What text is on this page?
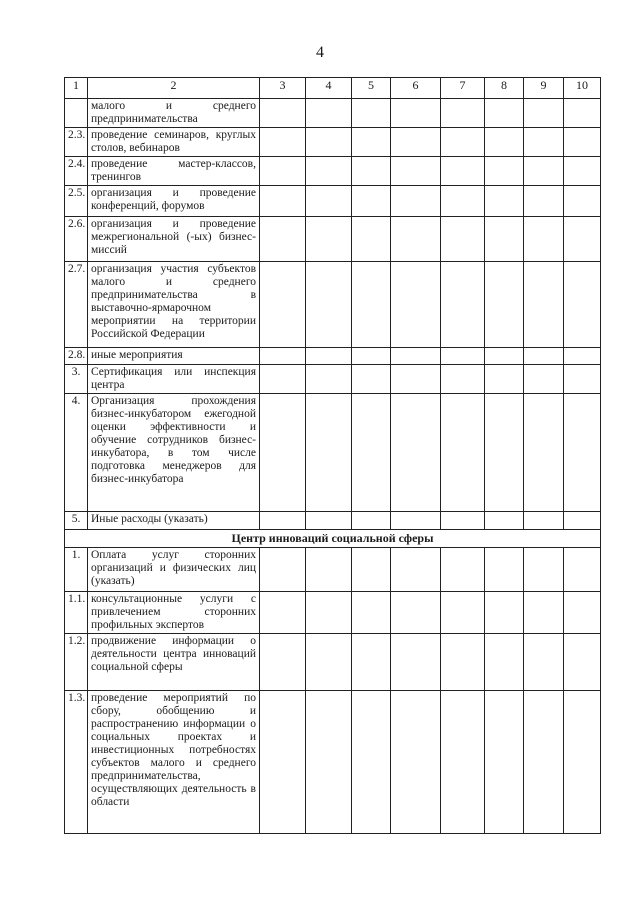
4
1	2	3	4	5	6	7	8	9	10
	малого и среднего предпринимательства								
2.3.	проведение семинаров, круглых столов, вебинаров								
2.4.	проведение мастер-классов, тренингов								
2.5.	организация и проведение конференций, форумов								
2.6.	организация и проведение межрегиональной (-ых) бизнес-миссий								
2.7.	организация участия субъектов малого и среднего предпринимательства в выставочно-ярмарочном мероприятии на территории Российской Федерации								
2.8.	иные мероприятия								
3.	Сертификация или инспекция центра								
4.	Организация прохождения бизнес-инкубатором ежегодной оценки эффективности и обучение сотрудников бизнес-инкубатора, в том числе подготовка менеджеров для бизнес-инкубатора								
5.	Иные расходы (указать)								
Центр инноваций социальной сферы									
1.	Оплата услуг сторонних организаций и физических лиц (указать)								
1.1.	консультационные услуги с привлечением сторонних профильных экспертов								
1.2.	продвижение информации о деятельности центра инноваций социальной сферы								
1.3.	проведение мероприятий по сбору, обобщению и распространению информации о социальных проектах и инвестиционных потребностях субъектов малого и среднего предпринимательства, осуществляющих деятельность в области								
